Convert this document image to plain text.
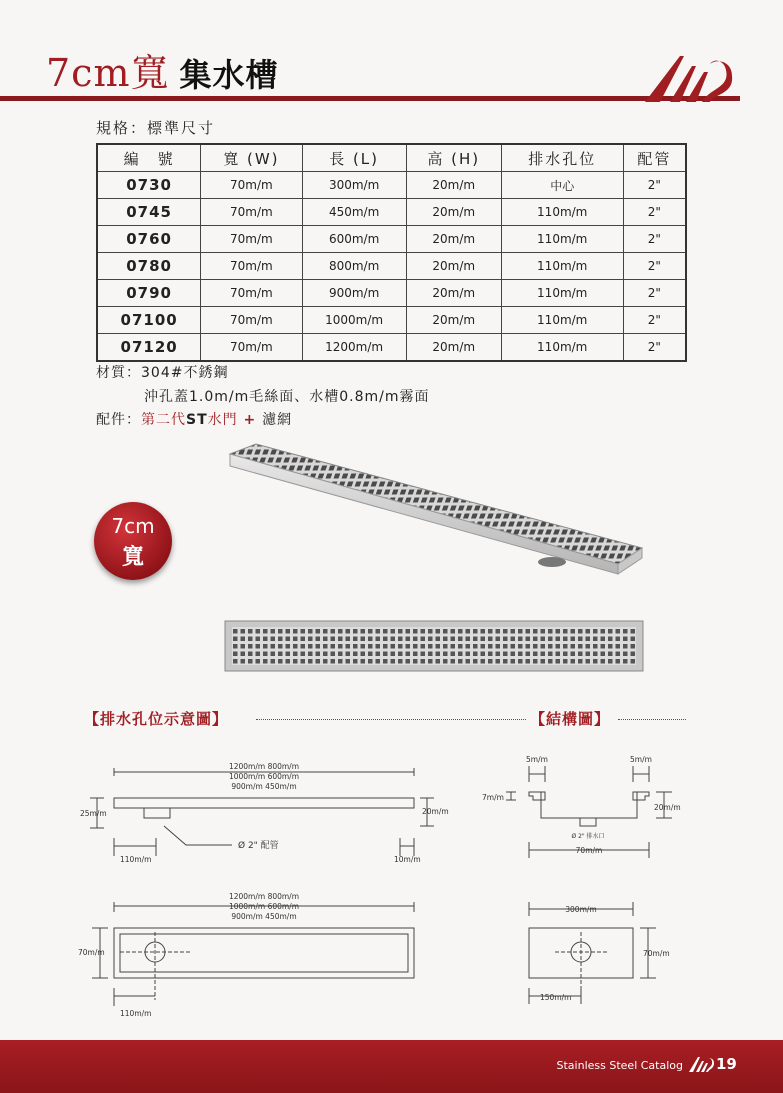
7cm寬 集水槽
規格：標準尺寸
編　號	寬 (W)	長 (L)	高 (H)	排水孔位	配管
0730	70m/m	300m/m	20m/m	中心	2"
0745	70m/m	450m/m	20m/m	110m/m	2"
0760	70m/m	600m/m	20m/m	110m/m	2"
0780	70m/m	800m/m	20m/m	110m/m	2"
0790	70m/m	900m/m	20m/m	110m/m	2"
07100	70m/m	1000m/m	20m/m	110m/m	2"
07120	70m/m	1200m/m	20m/m	110m/m	2"
材質：304#不銹鋼
沖孔蓋1.0m/m毛絲面、水槽0.8m/m霧面
配件：第二代ST水門 + 濾網
7cm
寬
【排水孔位示意圖】	【結構圖】
1200m/m 800m/m
1000m/m 600m/m
900m/m 450m/m
25m/m	20m/m
Ø 2" 配管
110m/m	10m/m
1200m/m 800m/m
1000m/m 600m/m
900m/m 450m/m
70m/m
110m/m
5m/m	5m/m
7m/m
20m/m
Ø 2" 排水口
70m/m
300m/m
70m/m
150m/m
Stainless Steel Catalog 19
